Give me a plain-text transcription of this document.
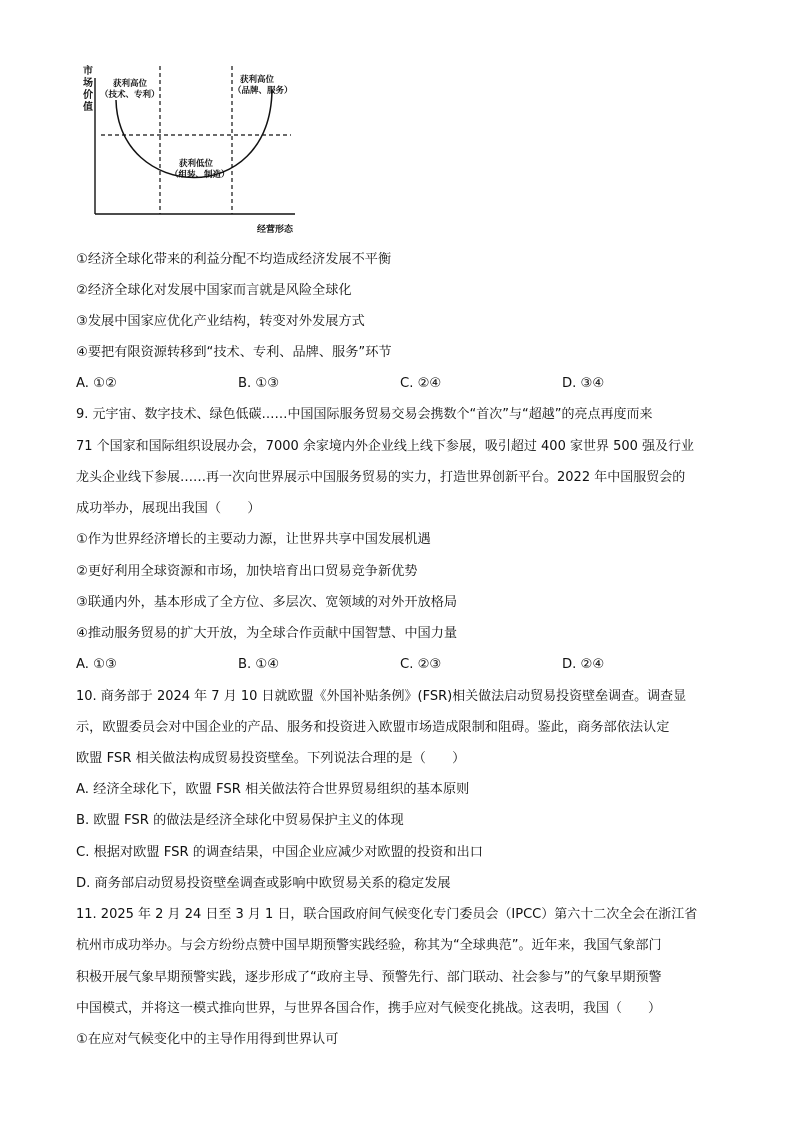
市
场
价
值
获利高位
（技术、专利）
获利高位
（品牌、服务）
获利低位
（组装、制造）
经营形态
①经济全球化带来的利益分配不均造成经济发展不平衡
②经济全球化对发展中国家而言就是风险全球化
③发展中国家应优化产业结构，转变对外发展方式
④要把有限资源转移到“技术、专利、品牌、服务”环节
A. ①②	B. ①③	C. ②④	D. ③④
9. 元宇宙、数字技术、绿色低碳……中国国际服务贸易交易会携数个“首次”与“超越”的亮点再度而来
71 个国家和国际组织设展办会，7000 余家境内外企业线上线下参展，吸引超过 400 家世界 500 强及行业
龙头企业线下参展……再一次向世界展示中国服务贸易的实力，打造世界创新平台。2022 年中国服贸会的
成功举办，展现出我国（　　）
①作为世界经济增长的主要动力源，让世界共享中国发展机遇
②更好利用全球资源和市场，加快培育出口贸易竞争新优势
③联通内外，基本形成了全方位、多层次、宽领域的对外开放格局
④推动服务贸易的扩大开放，为全球合作贡献中国智慧、中国力量
A. ①③	B. ①④	C. ②③	D. ②④
10. 商务部于 2024 年 7 月 10 日就欧盟《外国补贴条例》(FSR)相关做法启动贸易投资壁垒调查。调查显
示，欧盟委员会对中国企业的产品、服务和投资进入欧盟市场造成限制和阻碍。鉴此，商务部依法认定
欧盟 FSR 相关做法构成贸易投资壁垒。下列说法合理的是（　　）
A. 经济全球化下，欧盟 FSR 相关做法符合世界贸易组织的基本原则
B. 欧盟 FSR 的做法是经济全球化中贸易保护主义的体现
C. 根据对欧盟 FSR 的调查结果，中国企业应减少对欧盟的投资和出口
D. 商务部启动贸易投资壁垒调查或影响中欧贸易关系的稳定发展
11. 2025 年 2 月 24 日至 3 月 1 日，联合国政府间气候变化专门委员会（IPCC）第六十二次全会在浙江省
杭州市成功举办。与会方纷纷点赞中国早期预警实践经验，称其为“全球典范”。近年来，我国气象部门
积极开展气象早期预警实践，逐步形成了“政府主导、预警先行、部门联动、社会参与”的气象早期预警
中国模式，并将这一模式推向世界，与世界各国合作，携手应对气候变化挑战。这表明，我国（　　）
①在应对气候变化中的主导作用得到世界认可
